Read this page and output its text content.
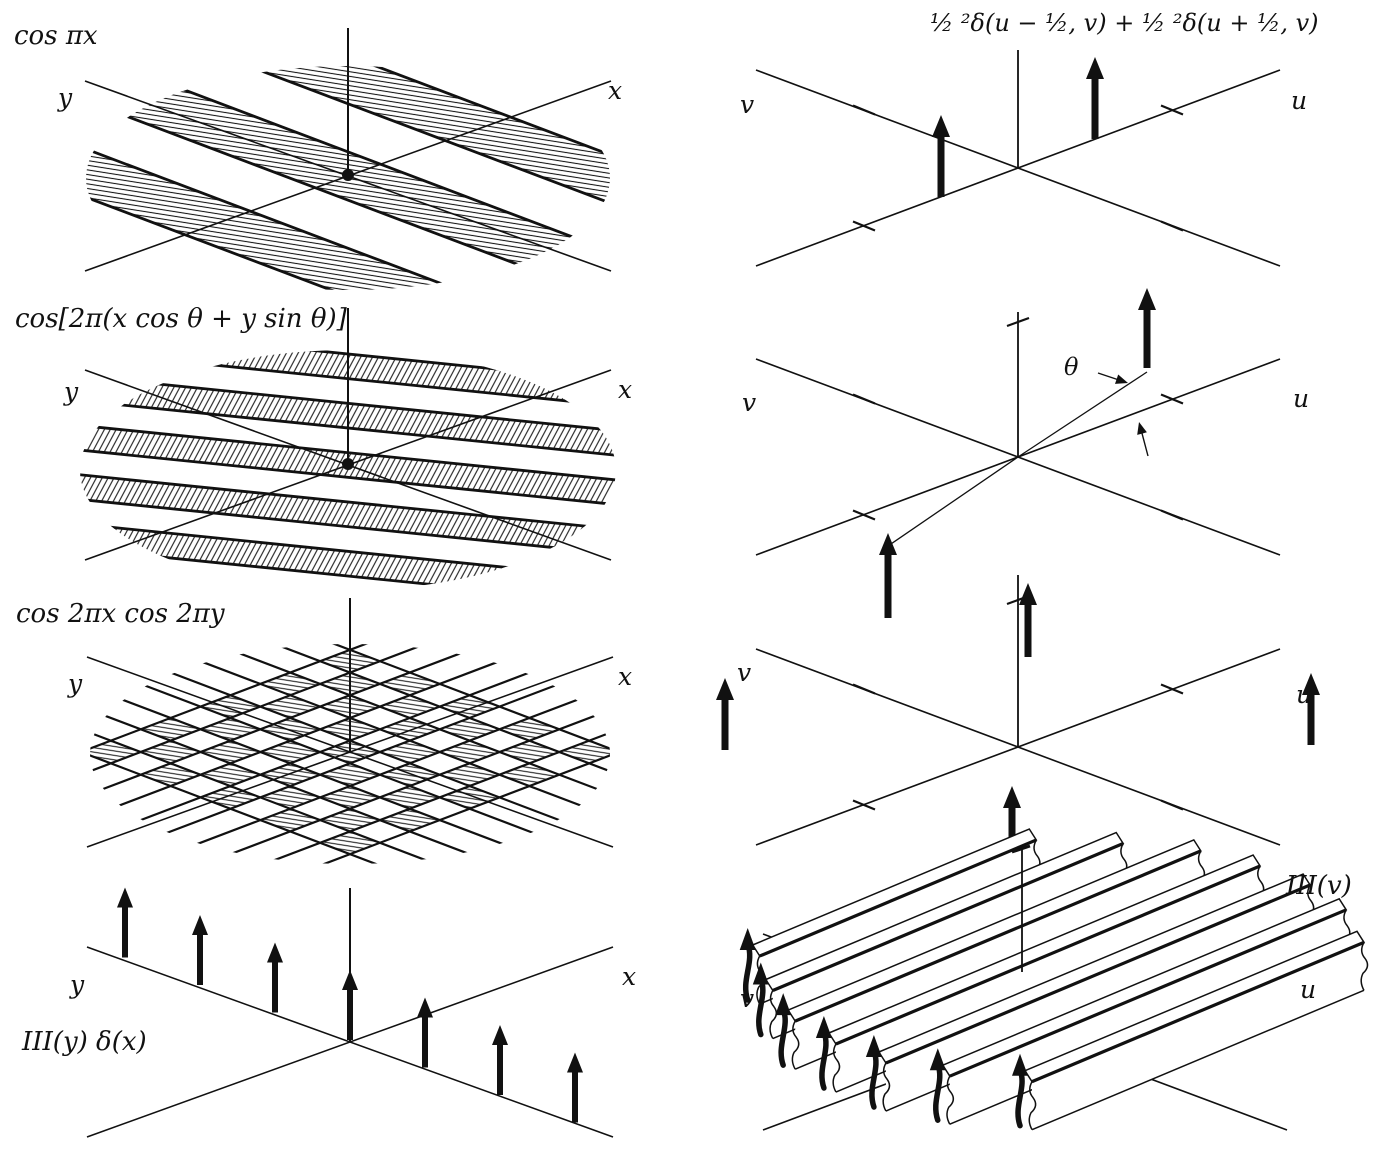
cos πx	½ ²δ(u − ½, v) + ½ ²δ(u + ½, v)
cos[2π(x cos θ + y sin θ)]
cos 2πx cos 2πy
III(y) δ(x)
III(v)
θ
y	x
y	x
y	x
y	x
v	u
v	u
v
u
v	u
